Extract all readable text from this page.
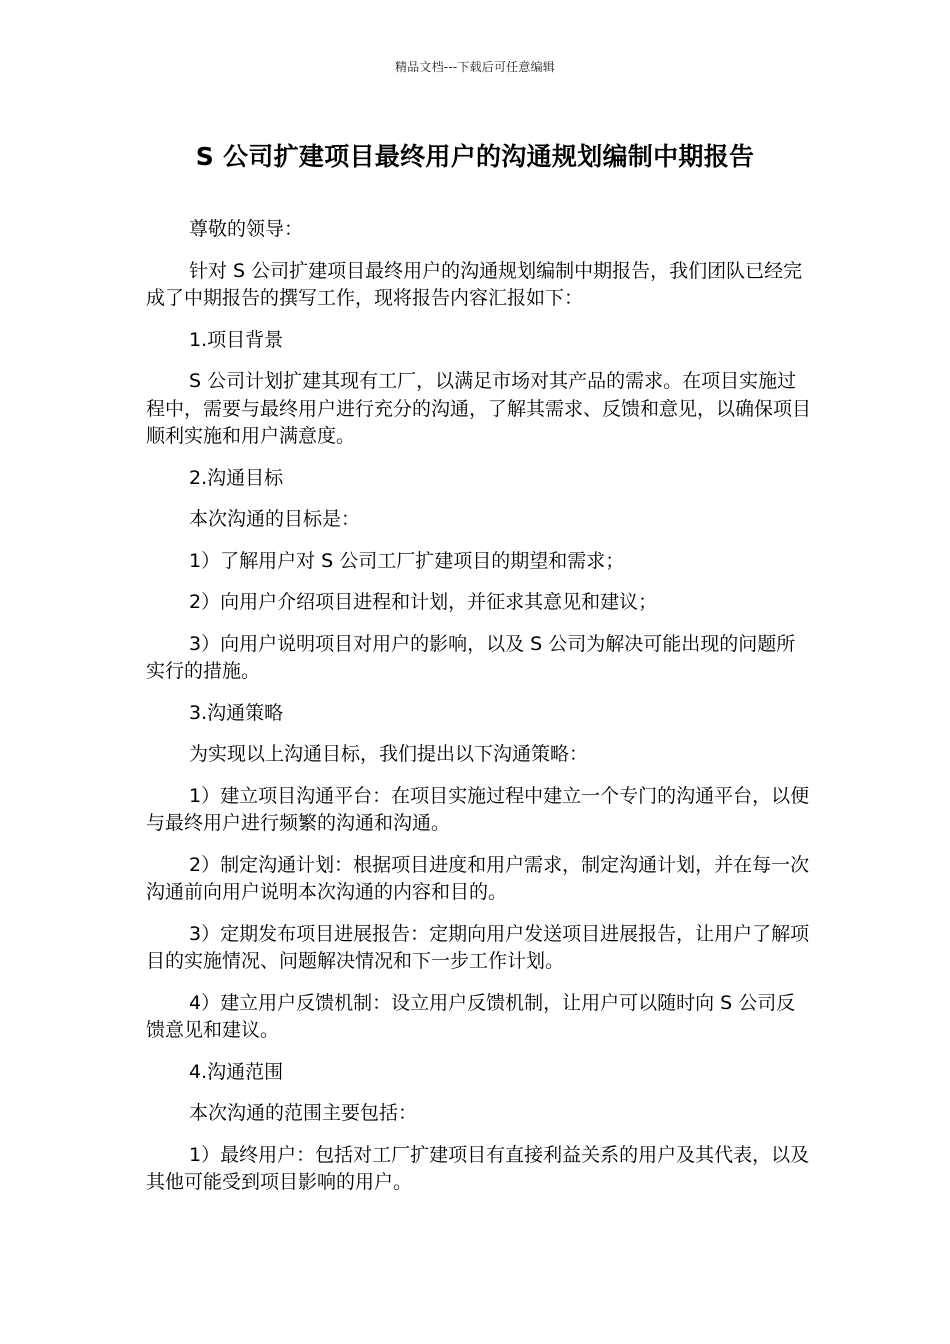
精品文档---下载后可任意编辑
S 公司扩建项目最终用户的沟通规划编制中期报告

尊敬的领导：

针对 S 公司扩建项目最终用户的沟通规划编制中期报告，我们团队已经完成了中期报告的撰写工作，现将报告内容汇报如下：

1.项目背景

S 公司计划扩建其现有工厂，以满足市场对其产品的需求。在项目实施过程中，需要与最终用户进行充分的沟通，了解其需求、反馈和意见，以确保项目顺利实施和用户满意度。

2.沟通目标

本次沟通的目标是：

1）了解用户对 S 公司工厂扩建项目的期望和需求；

2）向用户介绍项目进程和计划，并征求其意见和建议；

3）向用户说明项目对用户的影响，以及 S 公司为解决可能出现的问题所实行的措施。

3.沟通策略

为实现以上沟通目标，我们提出以下沟通策略：

1）建立项目沟通平台：在项目实施过程中建立一个专门的沟通平台，以便与最终用户进行频繁的沟通和沟通。

2）制定沟通计划：根据项目进度和用户需求，制定沟通计划，并在每一次沟通前向用户说明本次沟通的内容和目的。

3）定期发布项目进展报告：定期向用户发送项目进展报告，让用户了解项目的实施情况、问题解决情况和下一步工作计划。

4）建立用户反馈机制：设立用户反馈机制，让用户可以随时向 S 公司反馈意见和建议。

4.沟通范围

本次沟通的范围主要包括：

1）最终用户：包括对工厂扩建项目有直接利益关系的用户及其代表，以及其他可能受到项目影响的用户。
